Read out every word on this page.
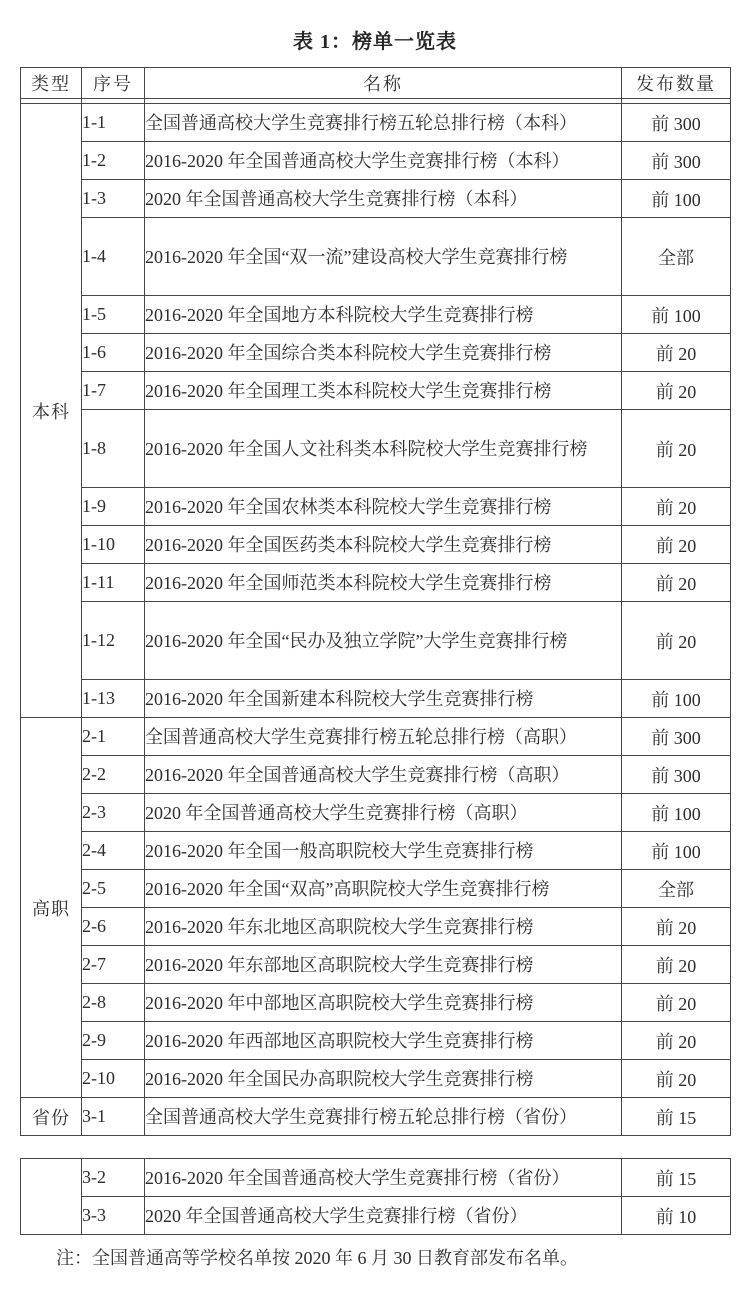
表 1：榜单一览表
类型	序号	名称	发布数量

本科	1-1	全国普通高校大学生竞赛排行榜五轮总排行榜（本科）	前 300
	1-2	2016-2020 年全国普通高校大学生竞赛排行榜（本科）	前 300
	1-3	2020 年全国普通高校大学生竞赛排行榜（本科）	前 100
	1-4	2016-2020 年全国“双一流”建设高校大学生竞赛排行榜	全部
	1-5	2016-2020 年全国地方本科院校大学生竞赛排行榜	前 100
	1-6	2016-2020 年全国综合类本科院校大学生竞赛排行榜	前 20
	1-7	2016-2020 年全国理工类本科院校大学生竞赛排行榜	前 20
	1-8	2016-2020 年全国人文社科类本科院校大学生竞赛排行榜	前 20
	1-9	2016-2020 年全国农林类本科院校大学生竞赛排行榜	前 20
	1-10	2016-2020 年全国医药类本科院校大学生竞赛排行榜	前 20
	1-11	2016-2020 年全国师范类本科院校大学生竞赛排行榜	前 20
	1-12	2016-2020 年全国“民办及独立学院”大学生竞赛排行榜	前 20
	1-13	2016-2020 年全国新建本科院校大学生竞赛排行榜	前 100
高职	2-1	全国普通高校大学生竞赛排行榜五轮总排行榜（高职）	前 300
	2-2	2016-2020 年全国普通高校大学生竞赛排行榜（高职）	前 300
	2-3	2020 年全国普通高校大学生竞赛排行榜（高职）	前 100
	2-4	2016-2020 年全国一般高职院校大学生竞赛排行榜	前 100
	2-5	2016-2020 年全国“双高”高职院校大学生竞赛排行榜	全部
	2-6	2016-2020 年东北地区高职院校大学生竞赛排行榜	前 20
	2-7	2016-2020 年东部地区高职院校大学生竞赛排行榜	前 20
	2-8	2016-2020 年中部地区高职院校大学生竞赛排行榜	前 20
	2-9	2016-2020 年西部地区高职院校大学生竞赛排行榜	前 20
	2-10	2016-2020 年全国民办高职院校大学生竞赛排行榜	前 20
省份	3-1	全国普通高校大学生竞赛排行榜五轮总排行榜（省份）	前 15
	3-2	2016-2020 年全国普通高校大学生竞赛排行榜（省份）	前 15
	3-3	2020 年全国普通高校大学生竞赛排行榜（省份）	前 10
注：全国普通高等学校名单按 2020 年 6 月 30 日教育部发布名单。
